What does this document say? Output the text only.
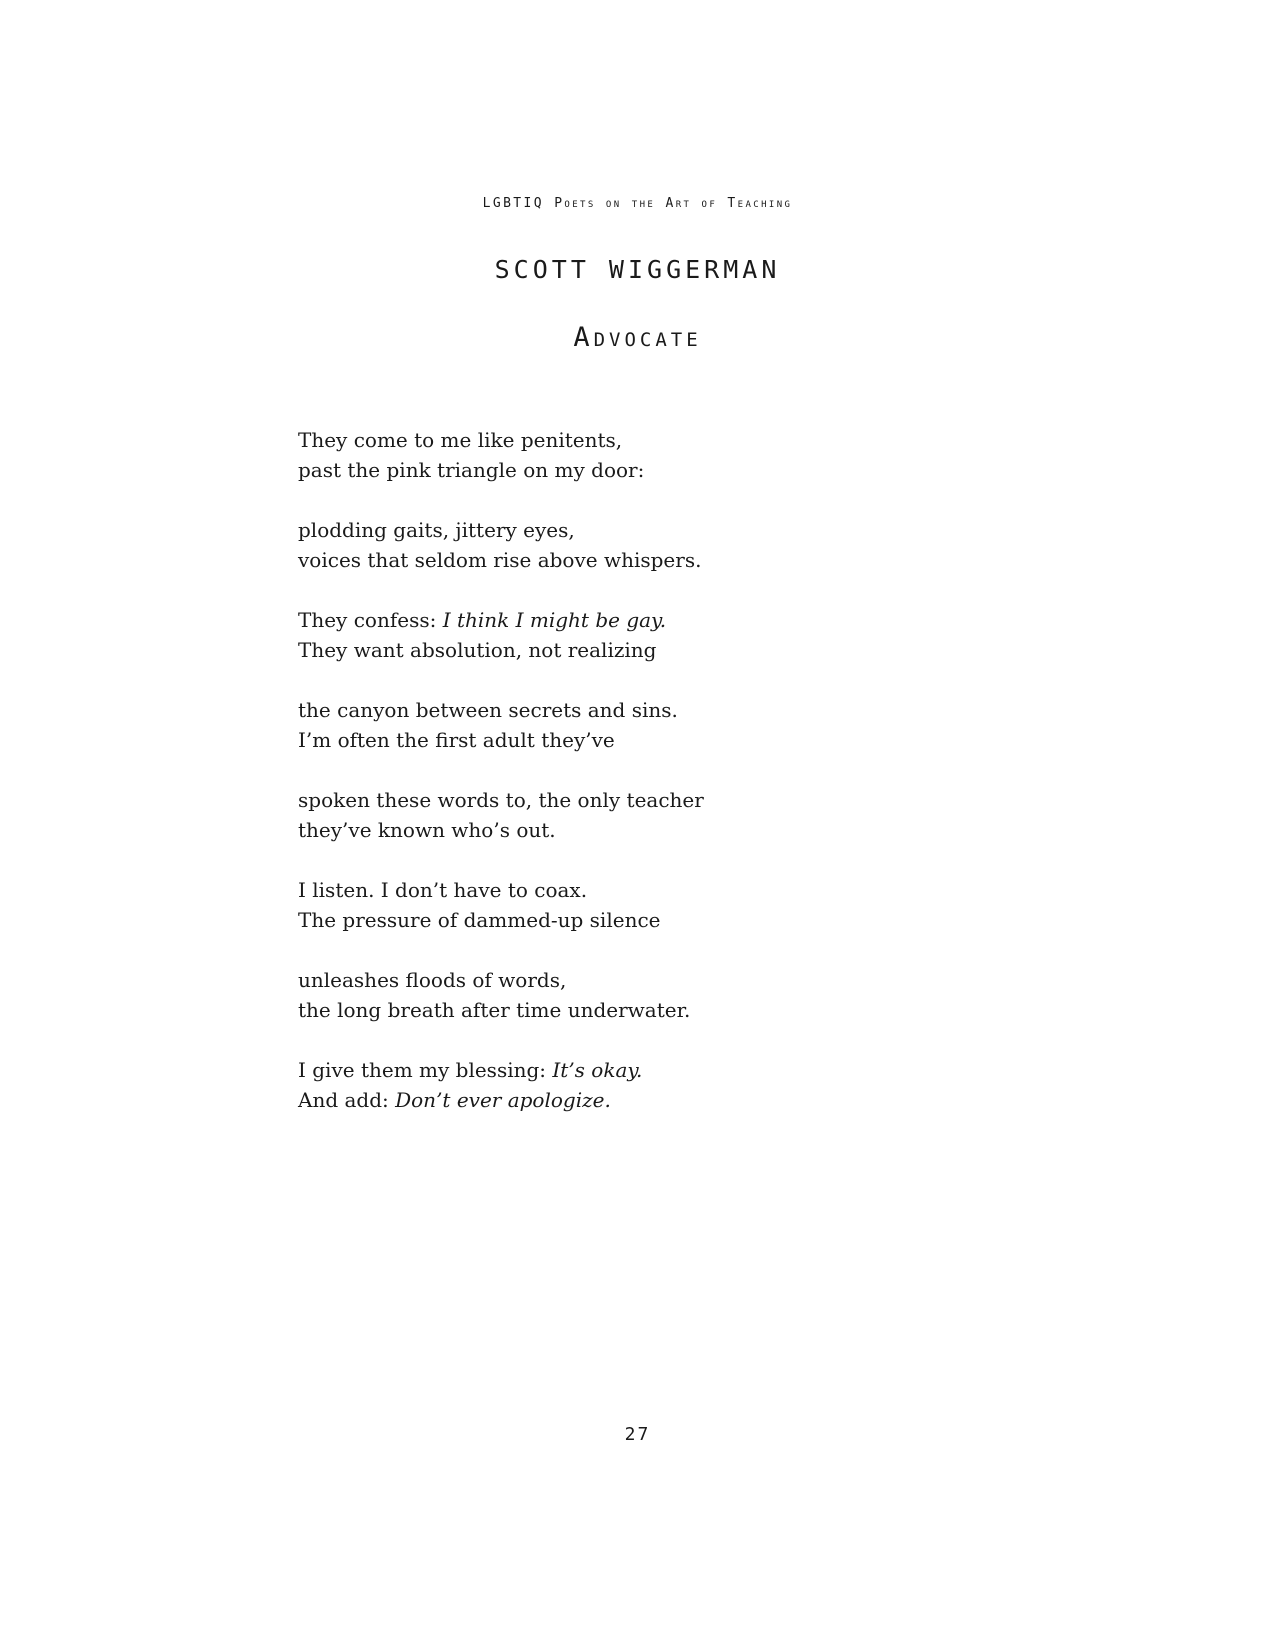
LGBTIQ Poets on the Art of Teaching
SCOTT WIGGERMAN
Advocate
They come to me like penitents,
past the pink triangle on my door:
plodding gaits, jittery eyes,
voices that seldom rise above whispers.
They confess: I think I might be gay.
They want absolution, not realizing
the canyon between secrets and sins.
I’m often the first adult they’ve
spoken these words to, the only teacher
they’ve known who’s out.
I listen. I don’t have to coax.
The pressure of dammed-up silence
unleashes floods of words,
the long breath after time underwater.
I give them my blessing: It’s okay.
And add: Don’t ever apologize.
27
